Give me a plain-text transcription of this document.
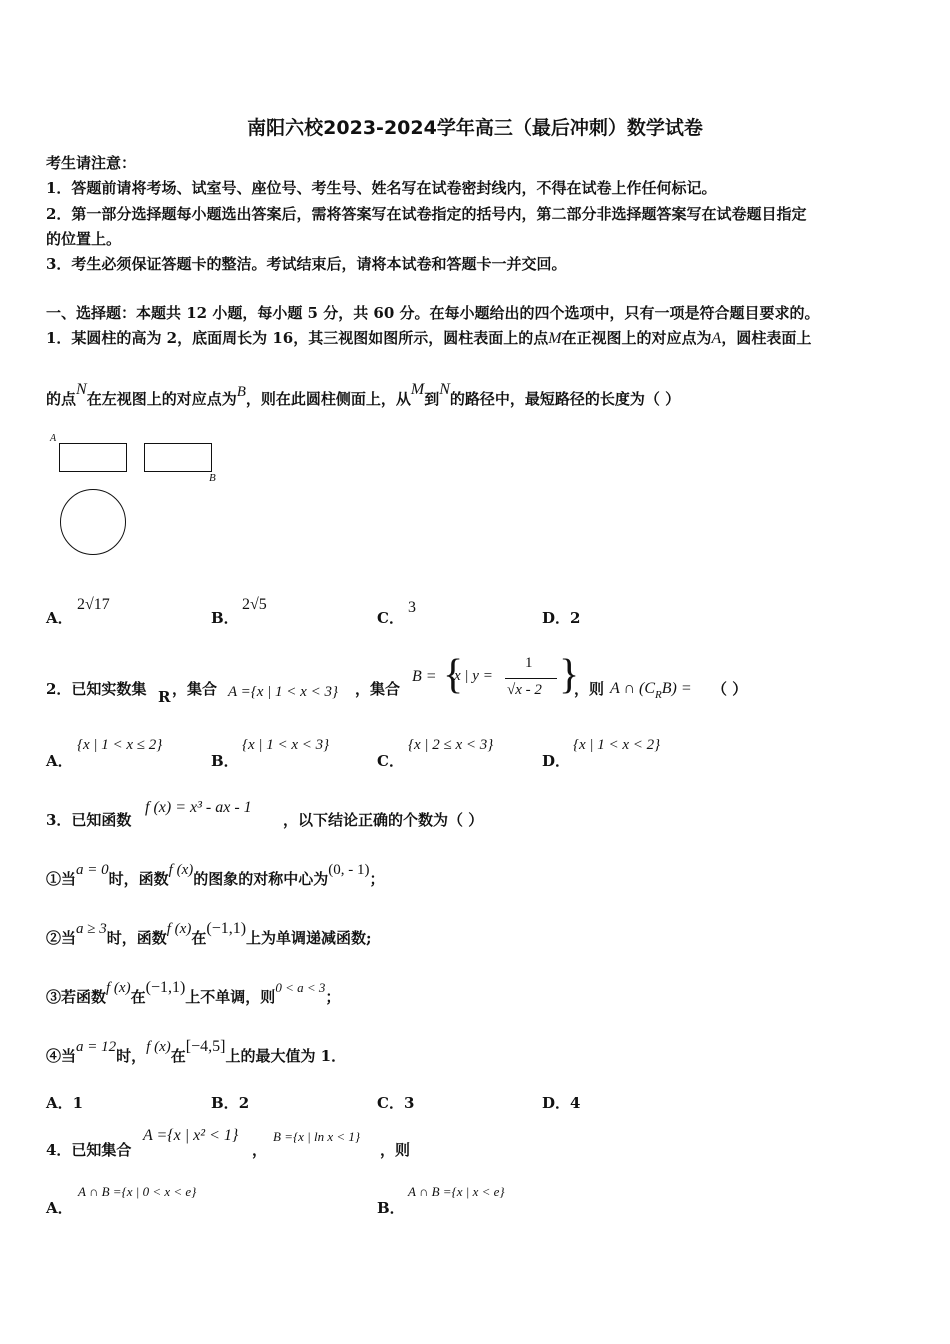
南阳六校2023-2024学年高三（最后冲刺）数学试卷
考生请注意：
1．答题前请将考场、试室号、座位号、考生号、姓名写在试卷密封线内，不得在试卷上作任何标记。
2．第一部分选择题每小题选出答案后，需将答案写在试卷指定的括号内，第二部分非选择题答案写在试卷题目指定
的位置上。
3．考生必须保证答题卡的整洁。考试结束后，请将本试卷和答题卡一并交回。
一、选择题：本题共 12 小题，每小题 5 分，共 60 分。在每小题给出的四个选项中，只有一项是符合题目要求的。
1．某圆柱的高为 2，底面周长为 16，其三视图如图所示，圆柱表面上的点M在正视图上的对应点为A，圆柱表面上
的点N在左视图上的对应点为B，则在此圆柱侧面上，从M到N的路径中，最短路径的长度为（ ）
A
B
A．
2√17
B．
2√5
C．
3
D．2
2．已知实数集 R ，集合 A ={x | 1 < x < 3} ，集合
B = {
x | y =
1
√x - 2 }
，则 A ∩ $(C_RB)$ = （ ）
A．
{x | 1 < x ≤ 2}
B．
{x | 1 < x < 3}
C．
{x | 2 ≤ x < 3}
D．
{x | 1 < x < 2}
3．已知函数
f (x) = x³ - ax - 1
，以下结论正确的个数为（ ）
①当a = 0时，函数f (x)的图象的对称中心为(0, - 1)；
②当a ≥ 3时，函数f (x)在(−1,1)上为单调递减函数;
③若函数f (x)在(−1,1)上不单调，则0 < a < 3；
④当a = 12时，f (x)在[−4,5]上的最大值为 1．
A．1	B．2	C．3	D．4
4．已知集合
A ={x | x² < 1}
，
B ={x | ln x < 1}
，则
A．
A ∩ B ={x | 0 < x < e}
B．
A ∩ B ={x | x < e}
